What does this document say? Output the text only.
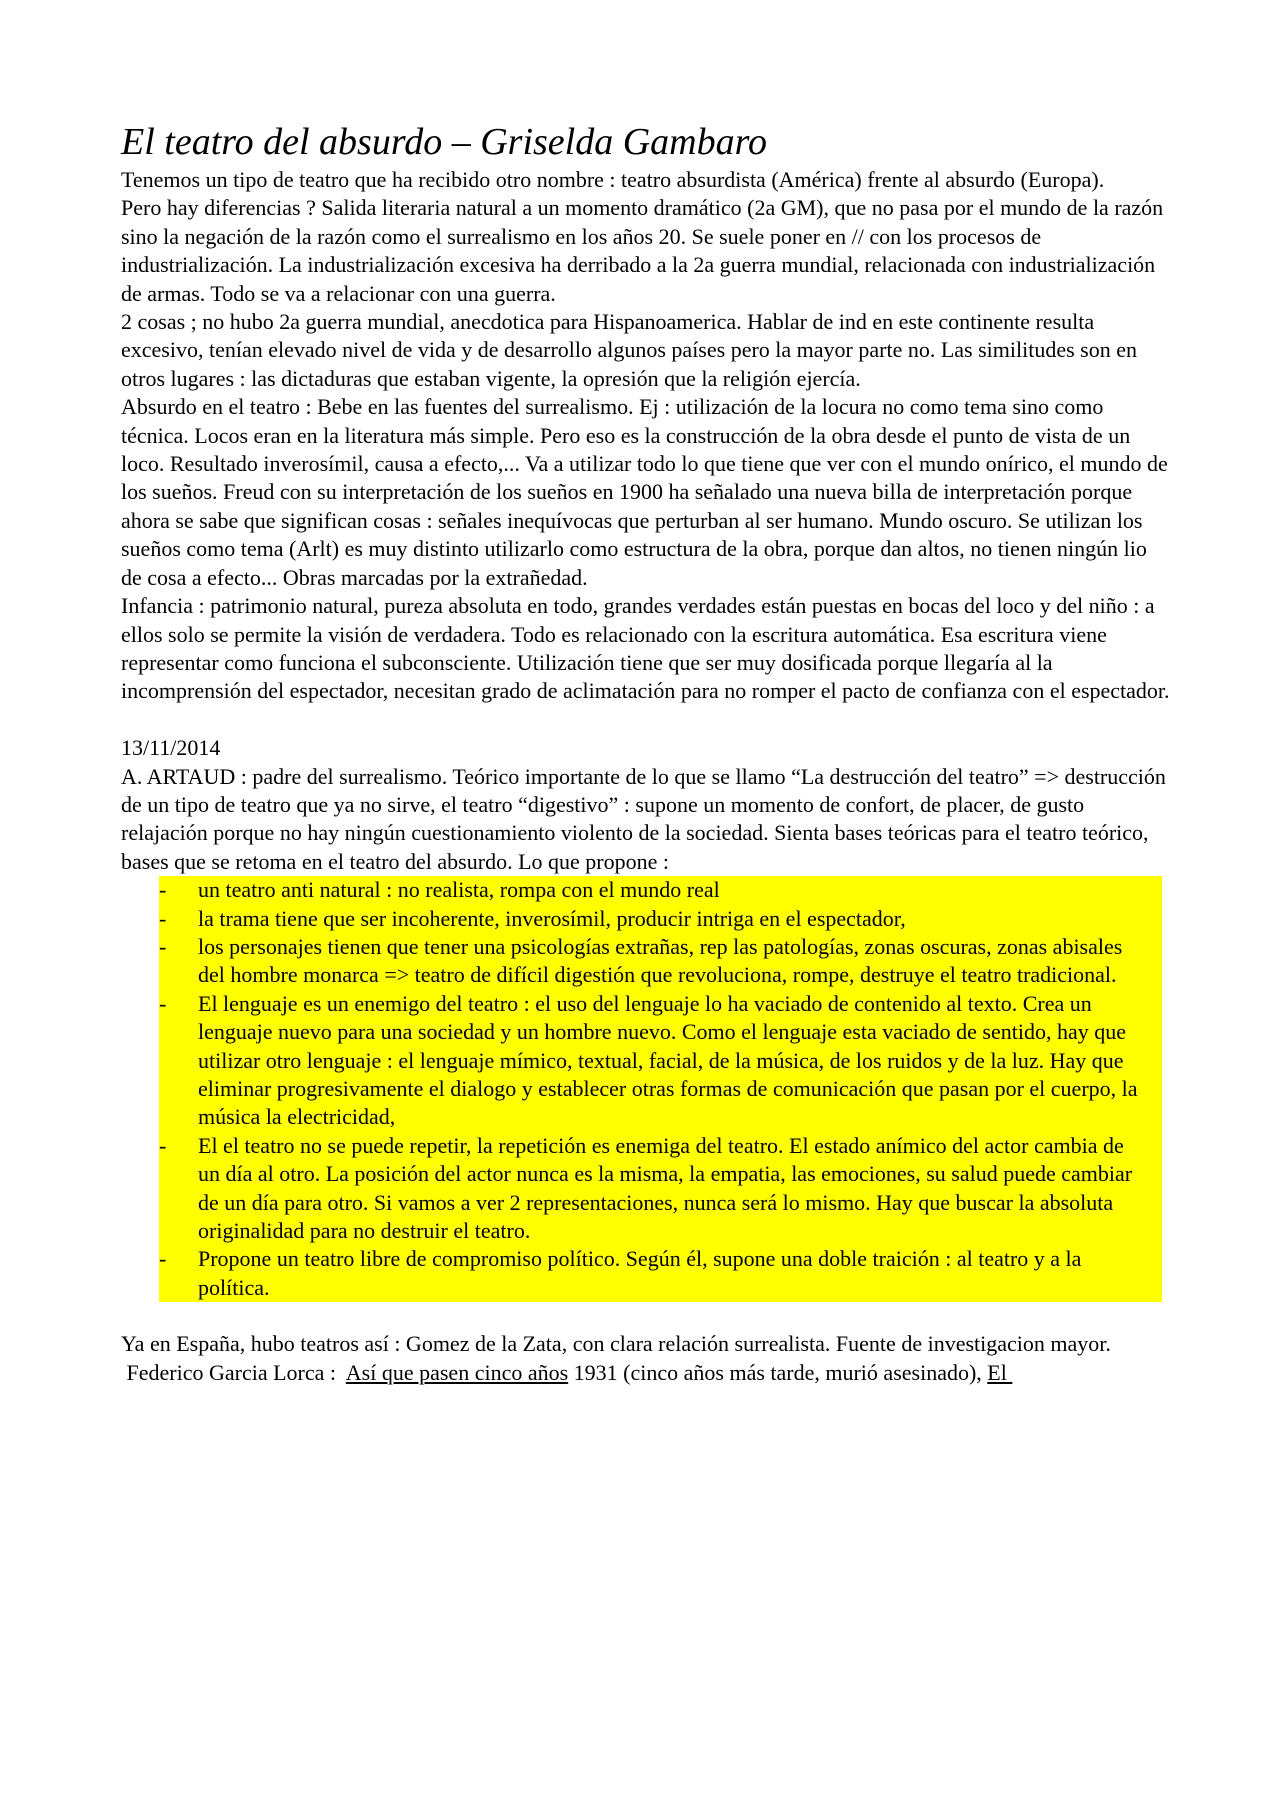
El teatro del absurdo – Griselda Gambaro

Tenemos un tipo de teatro que ha recibido otro nombre : teatro absurdista (América) frente al absurdo (Europa).

Pero hay diferencias ? Salida literaria natural a un momento dramático (2a GM), que no pasa por el mundo de la razón sino la negación de la razón como el surrealismo en los años 20. Se suele poner en // con los procesos de industrialización. La industrialización excesiva ha derribado a la 2a guerra mundial, relacionada con industrialización de armas. Todo se va a relacionar con una guerra.

2 cosas ; no hubo 2a guerra mundial, anecdotica para Hispanoamerica. Hablar de ind en este continente resulta excesivo, tenían elevado nivel de vida y de desarrollo algunos países pero la mayor parte no. Las similitudes son en otros lugares : las dictaduras que estaban vigente, la opresión que la religión ejercía.

Absurdo en el teatro : Bebe en las fuentes del surrealismo. Ej : utilización de la locura no como tema sino como técnica. Locos eran en la literatura más simple. Pero eso es la construcción de la obra desde el punto de vista de un loco. Resultado inverosímil, causa a efecto,... Va a utilizar todo lo que tiene que ver con el mundo onírico, el mundo de los sueños. Freud con su interpretación de los sueños en 1900 ha señalado una nueva billa de interpretación porque ahora se sabe que significan cosas : señales inequívocas que perturban al ser humano. Mundo oscuro. Se utilizan los sueños como tema (Arlt) es muy distinto utilizarlo como estructura de la obra, porque dan altos, no tienen ningún lio de cosa a efecto... Obras marcadas por la extrañedad.

Infancia : patrimonio natural, pureza absoluta en todo, grandes verdades están puestas en bocas del loco y del niño : a ellos solo se permite la visión de verdadera. Todo es relacionado con la escritura automática. Esa escritura viene representar como funciona el subconsciente. Utilización tiene que ser muy dosificada porque llegaría al la incomprensión del espectador, necesitan grado de aclimatación para no romper el pacto de confianza con el espectador.

13/11/2014

A. ARTAUD : padre del surrealismo. Teórico importante de lo que se llamo “La destrucción del teatro” => destrucción de un tipo de teatro que ya no sirve, el teatro “digestivo” : supone un momento de confort, de placer, de gusto relajación porque no hay ningún cuestionamiento violento de la sociedad. Sienta bases teóricas para el teatro teórico, bases que se retoma en el teatro del absurdo. Lo que propone :

- un teatro anti natural : no realista, rompa con el mundo real
- la trama tiene que ser incoherente, inverosímil, producir intriga en el espectador,
- los personajes tienen que tener una psicologías extrañas, rep las patologías, zonas oscuras, zonas abisales del hombre monarca => teatro de difícil digestión que revoluciona, rompe, destruye el teatro tradicional.
- El lenguaje es un enemigo del teatro : el uso del lenguaje lo ha vaciado de contenido al texto. Crea un lenguaje nuevo para una sociedad y un hombre nuevo. Como el lenguaje esta vaciado de sentido, hay que utilizar otro lenguaje : el lenguaje mímico, textual, facial, de la música, de los ruidos y de la luz. Hay que eliminar progresivamente el dialogo y establecer otras formas de comunicación que pasan por el cuerpo, la música la electricidad,
- El el teatro no se puede repetir, la repetición es enemiga del teatro. El estado anímico del actor cambia de un día al otro. La posición del actor nunca es la misma, la empatia, las emociones, su salud puede cambiar de un día para otro. Si vamos a ver 2 representaciones, nunca será lo mismo. Hay que buscar la absoluta originalidad para no destruir el teatro.
- Propone un teatro libre de compromiso político. Según él, supone una doble traición : al teatro y a la política.

Ya en España, hubo teatros así : Gomez de la Zata, con clara relación surrealista. Fuente de investigacion mayor.

Federico Garcia Lorca :  Así que pasen cinco años 1931 (cinco años más tarde, murió asesinado), El
